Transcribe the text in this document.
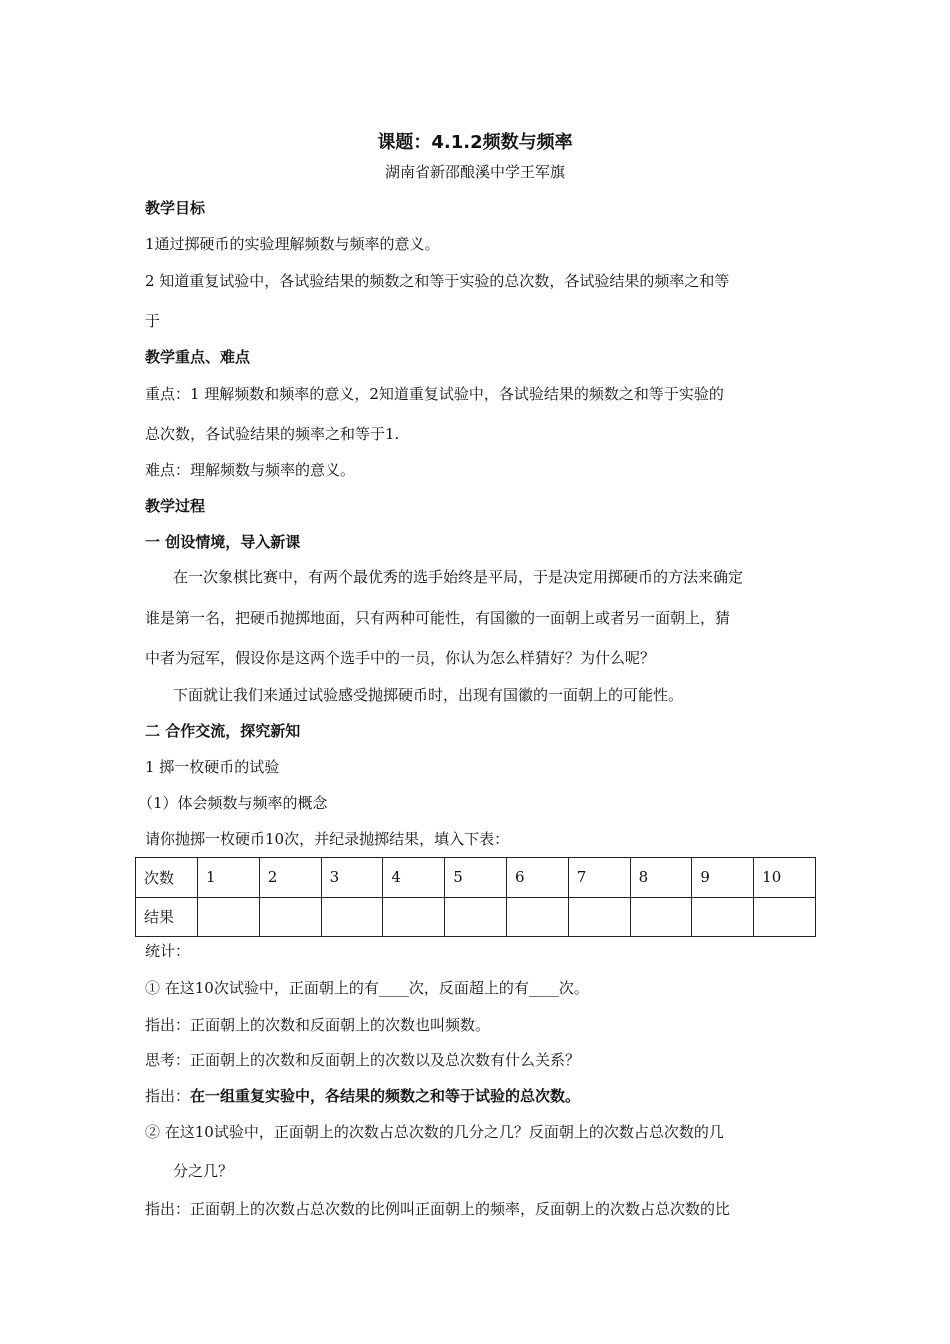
课题：4.1.2频数与频率
湖南省新邵酿溪中学王军旗
教学目标
1通过掷硬币的实验理解频数与频率的意义。
2 知道重复试验中，各试验结果的频数之和等于实验的总次数，各试验结果的频率之和等
于
教学重点、难点
重点：1 理解频数和频率的意义，2知道重复试验中，各试验结果的频数之和等于实验的
总次数，各试验结果的频率之和等于1.
难点：理解频数与频率的意义。
教学过程
一 创设情境，导入新课
在一次象棋比赛中，有两个最优秀的选手始终是平局，于是决定用掷硬币的方法来确定
谁是第一名，把硬币抛掷地面，只有两种可能性，有国徽的一面朝上或者另一面朝上，猜
中者为冠军，假设你是这两个选手中的一员，你认为怎么样猜好？为什么呢？
下面就让我们来通过试验感受抛掷硬币时，出现有国徽的一面朝上的可能性。
二 合作交流，探究新知
1 掷一枚硬币的试验
（1）体会频数与频率的概念
请你抛掷一枚硬币10次，并纪录抛掷结果，填入下表：
次数	1	2	3	4	5	6	7	8	9	10
结果										
统计：
① 在这10次试验中，正面朝上的有____次，反面超上的有____次。
指出：正面朝上的次数和反面朝上的次数也叫频数。
思考：正面朝上的次数和反面朝上的次数以及总次数有什么关系？
指出：在一组重复实验中，各结果的频数之和等于试验的总次数。
② 在这10试验中，正面朝上的次数占总次数的几分之几？反面朝上的次数占总次数的几
分之几？
指出：正面朝上的次数占总次数的比例叫正面朝上的频率，反面朝上的次数占总次数的比
